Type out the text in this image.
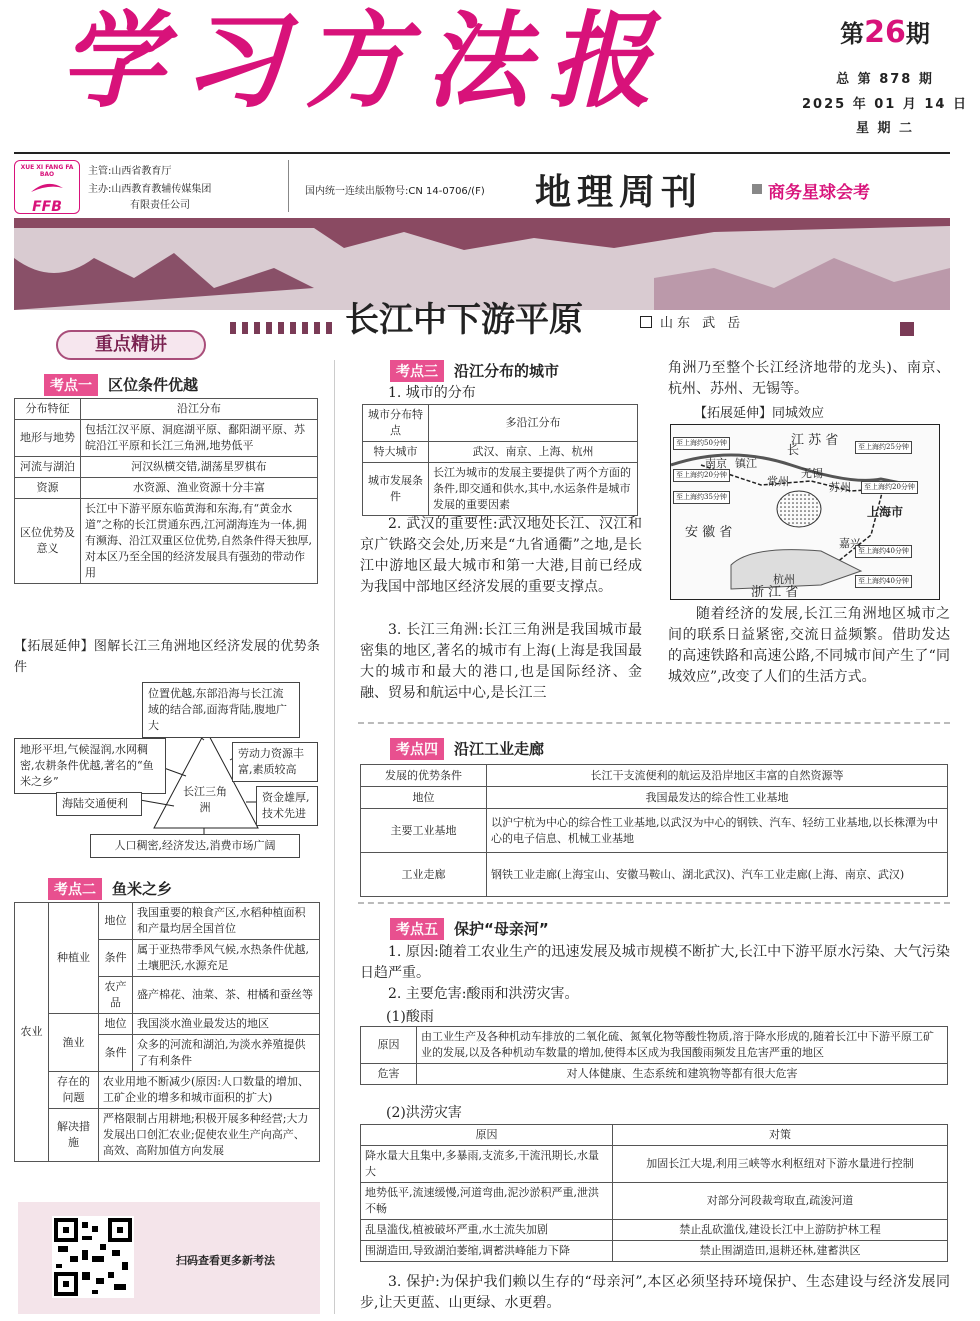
学习方法报	第26期
总 第 878 期
2025 年 01 月 14 日
星 期 二
XUE XI FANG FA BAO
FFB
主管:山西省教育厅
主办:山西教育教辅传媒集团
有限责任公司
国内统一连续出版物号:CN 14-0706/(F) 地理周刊	商务星球会考
长江中下游平原	山东 武 岳
重点精讲
考点一 区位条件优越
分布特征	沿江分布
地形与地势	包括江汉平原、洞庭湖平原、鄱阳湖平原、苏皖沿江平原和长江三角洲,地势低平
河流与湖泊	河汉纵横交错,湖荡星罗棋布
资源	水资源、渔业资源十分丰富
区位优势及意义	长江中下游平原东临黄海和东海,有“黄金水道”之称的长江贯通东西,江河湖海连为一体,拥有濒海、沿江双重区位优势,自然条件得天独厚,对本区乃至全国的经济发展具有强劲的带动作用
【拓展延伸】图解长江三角洲地区经济发展的优势条件
位置优越,东部沿海与长江流域的结合部,面海背陆,腹地广大
地形平坦,气候湿润,水网稠密,农耕条件优越,著名的“鱼米之乡”
劳动力资源丰富,素质较高
长江三角洲
海陆交通便利	资金雄厚,技术先进
人口稠密,经济发达,消费市场广阔
考点二 鱼米之乡
农业	种植业	地位	我国重要的粮食产区,水稻种植面积和产量均居全国首位
		条件	属于亚热带季风气候,水热条件优越,土壤肥沃,水源充足
		农产品	盛产棉花、油菜、茶、柑橘和蚕丝等
	渔业	地位	我国淡水渔业最发达的地区
		条件	众多的河流和湖泊,为淡水养殖提供了有利条件
	存在的问题	农业用地不断减少(原因:人口数量的增加、工矿企业的增多和城市面积的扩大)	
	解决措施	严格限制占用耕地;积极开展多种经营;大力发展出口创汇农业;促使农业生产向高产、高效、高附加值方向发展	
扫码查看更多新考法
考点三 沿江分布的城市
1. 城市的分布
城市分布特点	多沿江分布
特大城市	武汉、南京、上海、杭州
城市发展条件	长江为城市的发展主要提供了两个方面的条件,即交通和供水,其中,水运条件是城市发展的重要因素
2. 武汉的重要性:武汉地处长江、汉江和京广铁路交会处,历来是“九省通衢”之地,是长江中游地区最大城市和第一大港,目前已经成为我国中部地区经济发展的重要支撑点。
3. 长江三角洲:长江三角洲是我国城市最密集的地区,著名的城市有上海(上海是我国最大的城市和最大的港口,也是国际经济、金融、贸易和航运中心,是长江三
角洲乃至整个长江经济地带的龙头)、南京、杭州、苏州、无锡等。
【拓展延伸】同城效应
至上海约50分钟	至上海约25分钟
至上海约20分钟
至上海约35分钟
至上海约20分钟
至上海约40分钟
至上海约40分钟
南京 镇江
常州
无锡
苏州
上海市
嘉兴
杭州
安 徽 省
浙 江 省
江 苏 省
长
随着经济的发展,长江三角洲地区城市之间的联系日益紧密,交流日益频繁。借助发达的高速铁路和高速公路,不同城市间产生了“同城效应”,改变了人们的生活方式。
考点四 沿江工业走廊
发展的优势条件	长江干支流便利的航运及沿岸地区丰富的自然资源等
地位	我国最发达的综合性工业基地
主要工业基地	以沪宁杭为中心的综合性工业基地,以武汉为中心的钢铁、汽车、轻纺工业基地,以长株潭为中心的电子信息、机械工业基地
工业走廊	钢铁工业走廊(上海宝山、安徽马鞍山、湖北武汉)、汽车工业走廊(上海、南京、武汉)
考点五 保护“母亲河”
1. 原因:随着工农业生产的迅速发展及城市规模不断扩大,长江中下游平原水污染、大气污染日趋严重。
2. 主要危害:酸雨和洪涝灾害。
(1)酸雨
原因	由工业生产及各种机动车排放的二氧化硫、氮氧化物等酸性物质,溶于降水形成的,随着长江中下游平原工矿业的发展,以及各种机动车数量的增加,使得本区成为我国酸雨频发且危害严重的地区
危害	对人体健康、生态系统和建筑物等都有很大危害
(2)洪涝灾害
原因	对策
降水量大且集中,多暴雨,支流多,干流汛期长,水量大	加固长江大堤,利用三峡等水利枢纽对下游水量进行控制
地势低平,流速缓慢,河道弯曲,泥沙淤积严重,泄洪不畅	对部分河段裁弯取直,疏浚河道
乱垦滥伐,植被破坏严重,水土流失加剧	禁止乱砍滥伐,建设长江中上游防护林工程
围湖造田,导致湖泊萎缩,调蓄洪峰能力下降	禁止围湖造田,退耕还林,建蓄洪区
3. 保护:为保护我们赖以生存的“母亲河”,本区必须坚持环境保护、生态建设与经济发展同步,让天更蓝、山更绿、水更碧。
